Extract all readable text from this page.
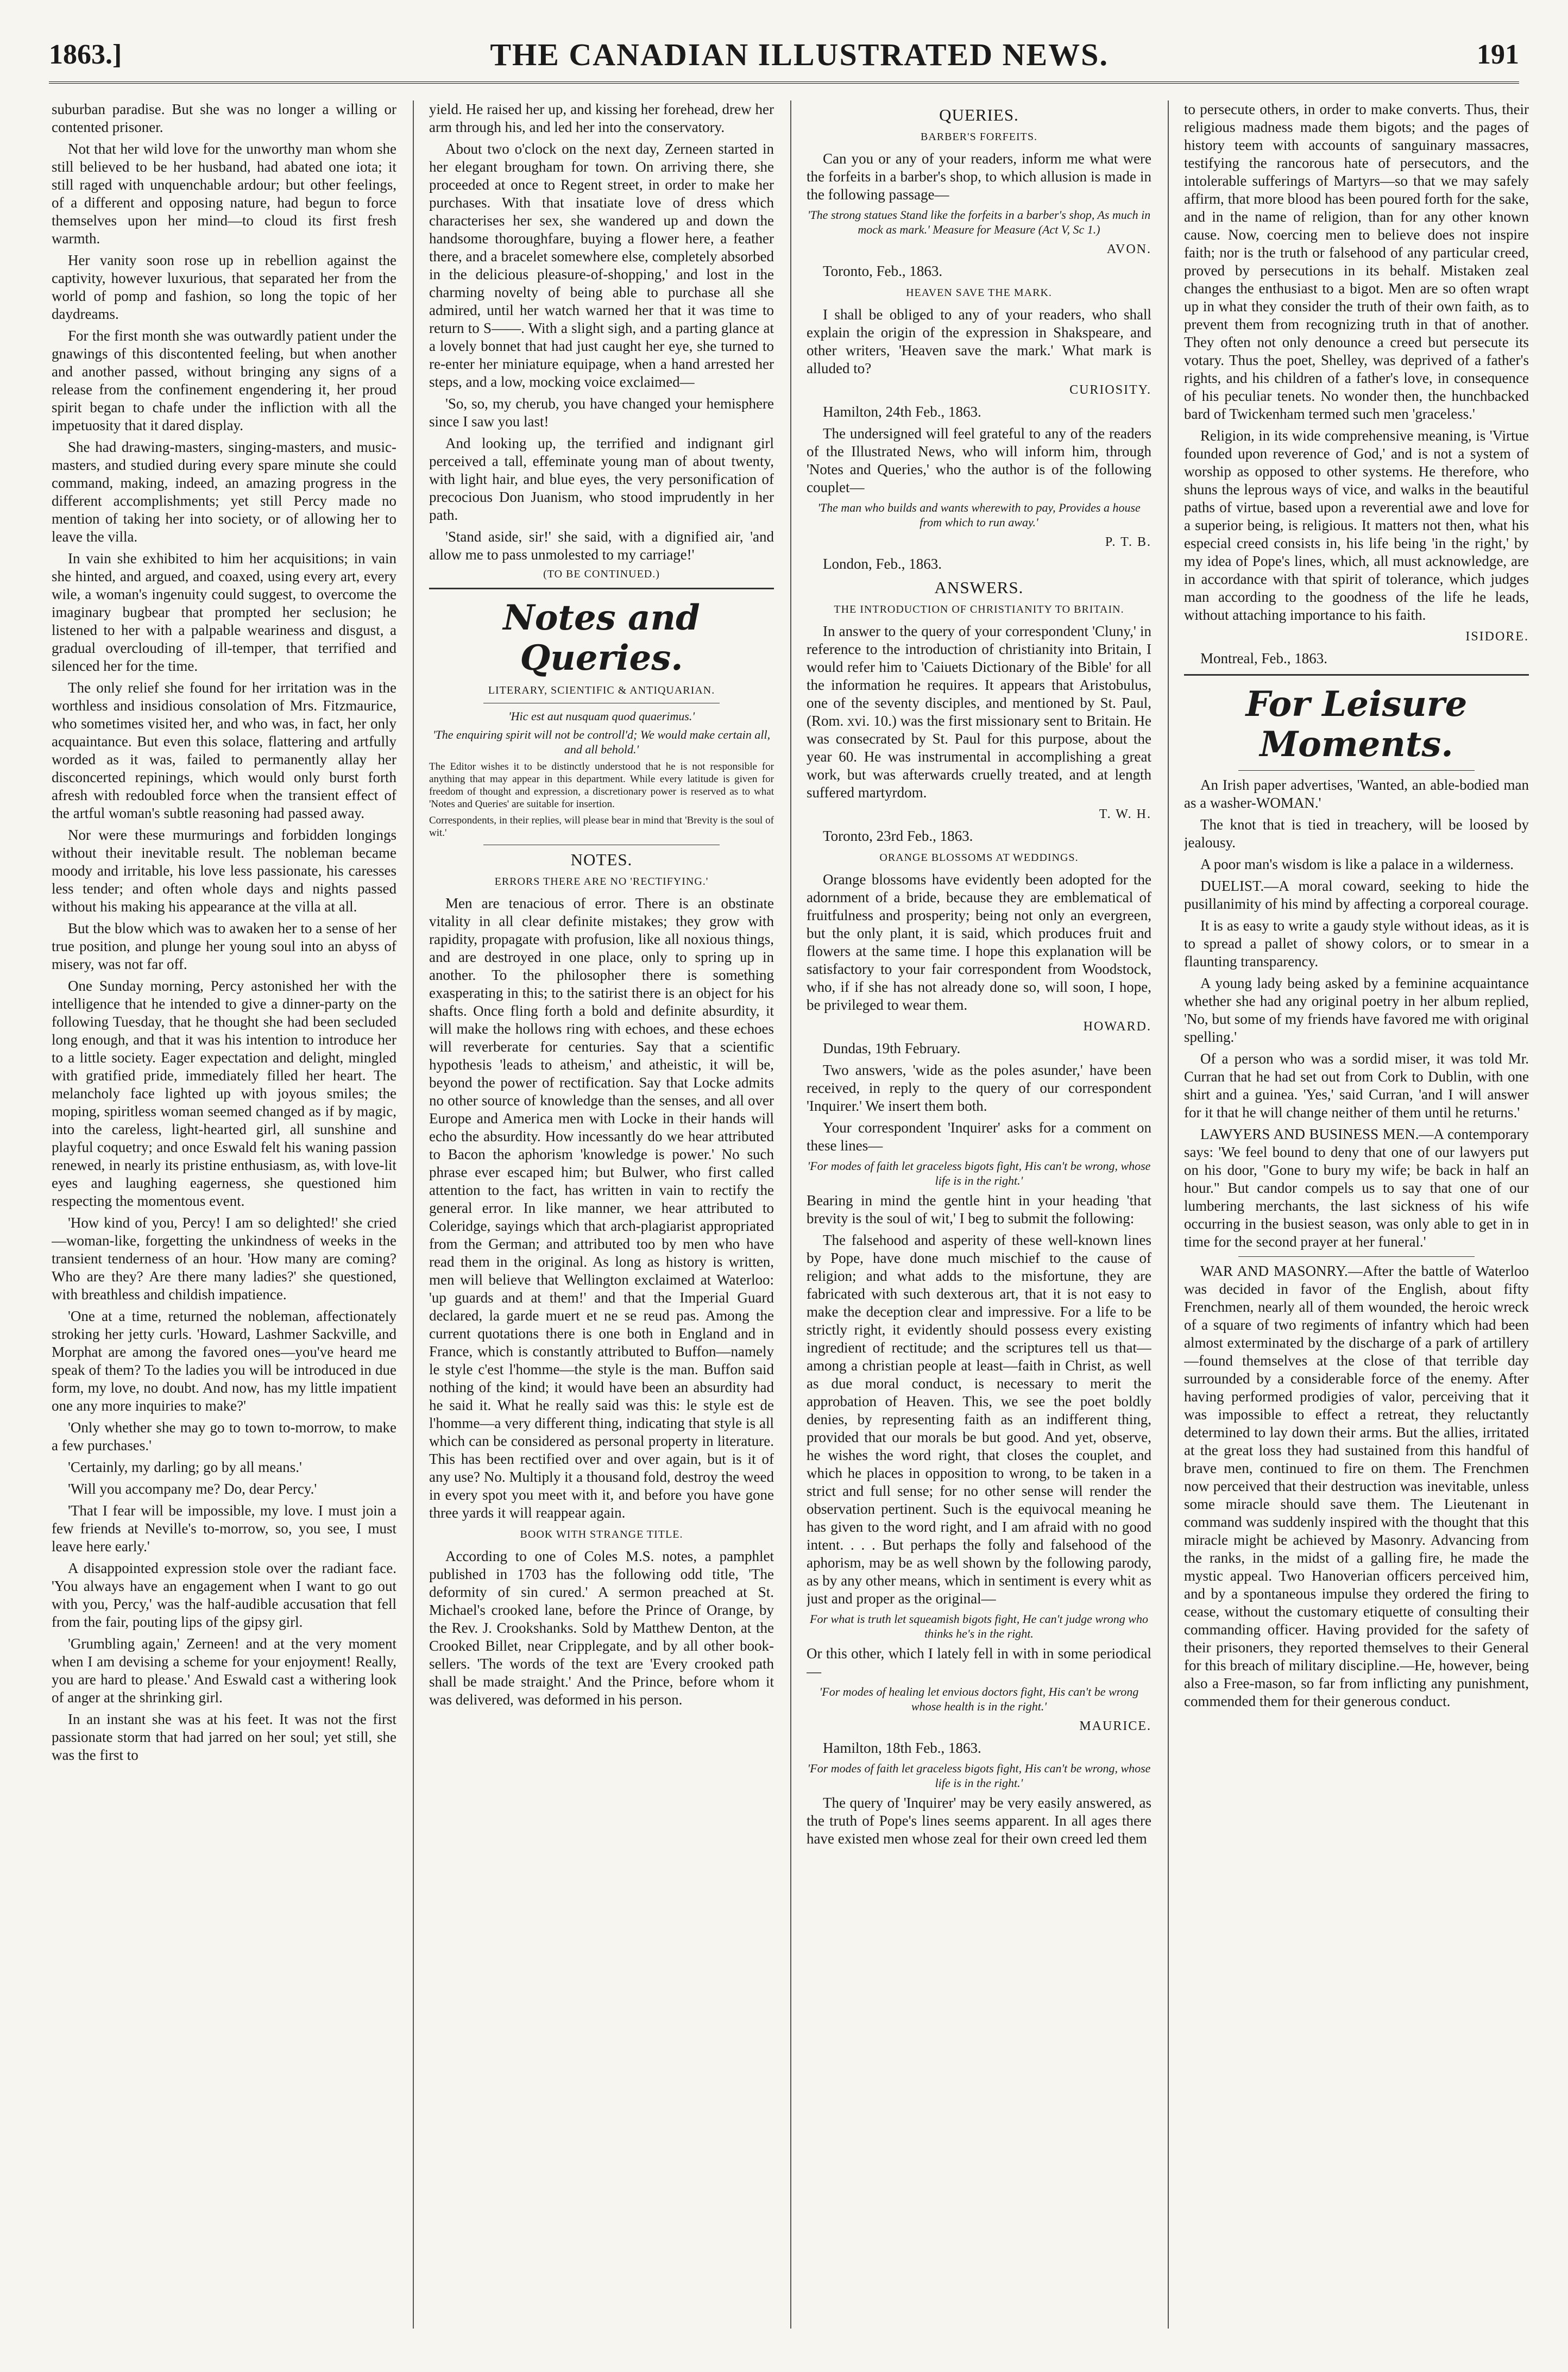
1863.]	THE CANADIAN ILLUSTRATED NEWS.	191

suburban paradise. But she was no longer a willing or contented prisoner.

Not that her wild love for the unworthy man whom she still believed to be her husband, had abated one iota; it still raged with unquenchable ardour; but other feelings, of a different and opposing nature, had begun to force themselves upon her mind—to cloud its first fresh warmth.

Her vanity soon rose up in rebellion against the captivity, however luxurious, that separated her from the world of pomp and fashion, so long the topic of her daydreams.

For the first month she was outwardly patient under the gnawings of this discontented feeling, but when another and another passed, without bringing any signs of a release from the confinement engendering it, her proud spirit began to chafe under the infliction with all the impetuosity that it dared display.

She had drawing-masters, singing-masters, and music-masters, and studied during every spare minute she could command, making, indeed, an amazing progress in the different accomplishments; yet still Percy made no mention of taking her into society, or of allowing her to leave the villa.

In vain she exhibited to him her acquisitions; in vain she hinted, and argued, and coaxed, using every art, every wile, a woman's ingenuity could suggest, to overcome the imaginary bugbear that prompted her seclusion; he listened to her with a palpable weariness and disgust, a gradual overclouding of ill-temper, that terrified and silenced her for the time.

The only relief she found for her irritation was in the worthless and insidious consolation of Mrs. Fitzmaurice, who sometimes visited her, and who was, in fact, her only acquaintance. But even this solace, flattering and artfully worded as it was, failed to permanently allay her disconcerted repinings, which would only burst forth afresh with redoubled force when the transient effect of the artful woman's subtle reasoning had passed away.

Nor were these murmurings and forbidden longings without their inevitable result. The nobleman became moody and irritable, his love less passionate, his caresses less tender; and often whole days and nights passed without his making his appearance at the villa at all.

But the blow which was to awaken her to a sense of her true position, and plunge her young soul into an abyss of misery, was not far off.

One Sunday morning, Percy astonished her with the intelligence that he intended to give a dinner-party on the following Tuesday, that he thought she had been secluded long enough, and that it was his intention to introduce her to a little society. Eager expectation and delight, mingled with gratified pride, immediately filled her heart. The melancholy face lighted up with joyous smiles; the moping, spiritless woman seemed changed as if by magic, into the careless, light-hearted girl, all sunshine and playful coquetry; and once Eswald felt his waning passion renewed, in nearly its pristine enthusiasm, as, with love-lit eyes and laughing eagerness, she questioned him respecting the momentous event.

'How kind of you, Percy! I am so delighted!' she cried—woman-like, forgetting the unkindness of weeks in the transient tenderness of an hour. 'How many are coming? Who are they? Are there many ladies?' she questioned, with breathless and childish impatience.

'One at a time, returned the nobleman, affectionately stroking her jetty curls. 'Howard, Lashmer Sackville, and Morphat are among the favored ones—you've heard me speak of them? To the ladies you will be introduced in due form, my love, no doubt. And now, has my little impatient one any more inquiries to make?'

'Only whether she may go to town to-morrow, to make a few purchases.'

'Certainly, my darling; go by all means.'

'Will you accompany me? Do, dear Percy.'

'That I fear will be impossible, my love. I must join a few friends at Neville's to-morrow, so, you see, I must leave here early.'

A disappointed expression stole over the radiant face. 'You always have an engagement when I want to go out with you, Percy,' was the half-audible accusation that fell from the fair, pouting lips of the gipsy girl.

'Grumbling again,' Zerneen! and at the very moment when I am devising a scheme for your enjoyment! Really, you are hard to please.' And Eswald cast a withering look of anger at the shrinking girl.

In an instant she was at his feet. It was not the first passionate storm that had jarred on her soul; yet still, she was the first to

yield. He raised her up, and kissing her forehead, drew her arm through his, and led her into the conservatory.

About two o'clock on the next day, Zerneen started in her elegant brougham for town. On arriving there, she proceeded at once to Regent street, in order to make her purchases. With that insatiate love of dress which characterises her sex, she wandered up and down the handsome thoroughfare, buying a flower here, a feather there, and a bracelet somewhere else, completely absorbed in the delicious pleasure-of-shopping,' and lost in the charming novelty of being able to purchase all she admired, until her watch warned her that it was time to return to S——. With a slight sigh, and a parting glance at a lovely bonnet that had just caught her eye, she turned to re-enter her miniature equipage, when a hand arrested her steps, and a low, mocking voice exclaimed—

'So, so, my cherub, you have changed your hemisphere since I saw you last!

And looking up, the terrified and indignant girl perceived a tall, effeminate young man of about twenty, with light hair, and blue eyes, the very personification of precocious Don Juanism, who stood imprudently in her path.

'Stand aside, sir!' she said, with a dignified air, 'and allow me to pass unmolested to my carriage!'

(TO BE CONTINUED.)

Notes and Queries.

LITERARY, SCIENTIFIC & ANTIQUARIAN.

'Hic est aut nusquam quod quaerimus.'

'The enquiring spirit will not be controll'd; We would make certain all, and all behold.'

The Editor wishes it to be distinctly understood that he is not responsible for anything that may appear in this department. While every latitude is given for freedom of thought and expression, a discretionary power is reserved as to what 'Notes and Queries' are suitable for insertion.

Correspondents, in their replies, will please bear in mind that 'Brevity is the soul of wit.'

NOTES.

ERRORS THERE ARE NO 'RECTIFYING.'

Men are tenacious of error. There is an obstinate vitality in all clear definite mistakes; they grow with rapidity, propagate with profusion, like all noxious things, and are destroyed in one place, only to spring up in another. To the philosopher there is something exasperating in this; to the satirist there is an object for his shafts. Once fling forth a bold and definite absurdity, it will make the hollows ring with echoes, and these echoes will reverberate for centuries. Say that a scientific hypothesis 'leads to atheism,' and atheistic, it will be, beyond the power of rectification. Say that Locke admits no other source of knowledge than the senses, and all over Europe and America men with Locke in their hands will echo the absurdity. How incessantly do we hear attributed to Bacon the aphorism 'knowledge is power.' No such phrase ever escaped him; but Bulwer, who first called attention to the fact, has written in vain to rectify the general error. In like manner, we hear attributed to Coleridge, sayings which that arch-plagiarist appropriated from the German; and attributed too by men who have read them in the original. As long as history is written, men will believe that Wellington exclaimed at Waterloo: 'up guards and at them!' and that the Imperial Guard declared, la garde muert et ne se reud pas. Among the current quotations there is one both in England and in France, which is constantly attributed to Buffon—namely le style c'est l'homme—the style is the man. Buffon said nothing of the kind; it would have been an absurdity had he said it. What he really said was this: le style est de l'homme—a very different thing, indicating that style is all which can be considered as personal property in literature. This has been rectified over and over again, but is it of any use? No. Multiply it a thousand fold, destroy the weed in every spot you meet with it, and before you have gone three yards it will reappear again.

BOOK WITH STRANGE TITLE.

According to one of Coles M.S. notes, a pamphlet published in 1703 has the following odd title, 'The deformity of sin cured.' A sermon preached at St. Michael's crooked lane, before the Prince of Orange, by the Rev. J. Crookshanks. Sold by Matthew Denton, at the Crooked Billet, near Cripplegate, and by all other book-sellers. 'The words of the text are 'Every crooked path shall be made straight.' And the Prince, before whom it was delivered, was deformed in his person.

QUERIES.

BARBER'S FORFEITS.

Can you or any of your readers, inform me what were the forfeits in a barber's shop, to which allusion is made in the following passage—

'The strong statues Stand like the forfeits in a barber's shop, As much in mock as mark.' Measure for Measure (Act V, Sc 1.)

AVON.

Toronto, Feb., 1863.

HEAVEN SAVE THE MARK.

I shall be obliged to any of your readers, who shall explain the origin of the expression in Shakspeare, and other writers, 'Heaven save the mark.' What mark is alluded to?

CURIOSITY.

Hamilton, 24th Feb., 1863.

The undersigned will feel grateful to any of the readers of the Illustrated News, who will inform him, through 'Notes and Queries,' who the author is of the following couplet—

'The man who builds and wants wherewith to pay, Provides a house from which to run away.'

P. T. B.

London, Feb., 1863.

ANSWERS.

THE INTRODUCTION OF CHRISTIANITY TO BRITAIN.

In answer to the query of your correspondent 'Cluny,' in reference to the introduction of christianity into Britain, I would refer him to 'Caiuets Dictionary of the Bible' for all the information he requires. It appears that Aristobulus, one of the seventy disciples, and mentioned by St. Paul, (Rom. xvi. 10.) was the first missionary sent to Britain. He was consecrated by St. Paul for this purpose, about the year 60. He was instrumental in accomplishing a great work, but was afterwards cruelly treated, and at length suffered martyrdom.

T. W. H.

Toronto, 23rd Feb., 1863.

ORANGE BLOSSOMS AT WEDDINGS.

Orange blossoms have evidently been adopted for the adornment of a bride, because they are emblematical of fruitfulness and prosperity; being not only an evergreen, but the only plant, it is said, which produces fruit and flowers at the same time. I hope this explanation will be satisfactory to your fair correspondent from Woodstock, who, if if she has not already done so, will soon, I hope, be privileged to wear them.

HOWARD.

Dundas, 19th February.

Two answers, 'wide as the poles asunder,' have been received, in reply to the query of our correspondent 'Inquirer.' We insert them both.

Your correspondent 'Inquirer' asks for a comment on these lines—

'For modes of faith let graceless bigots fight, His can't be wrong, whose life is in the right.'

Bearing in mind the gentle hint in your heading 'that brevity is the soul of wit,' I beg to submit the following:

The falsehood and asperity of these well-known lines by Pope, have done much mischief to the cause of religion; and what adds to the misfortune, they are fabricated with such dexterous art, that it is not easy to make the deception clear and impressive. For a life to be strictly right, it evidently should possess every existing ingredient of rectitude; and the scriptures tell us that—among a christian people at least—faith in Christ, as well as due moral conduct, is necessary to merit the approbation of Heaven. This, we see the poet boldly denies, by representing faith as an indifferent thing, provided that our morals be but good. And yet, observe, he wishes the word right, that closes the couplet, and which he places in opposition to wrong, to be taken in a strict and full sense; for no other sense will render the observation pertinent. Such is the equivocal meaning he has given to the word right, and I am afraid with no good intent. . . . But perhaps the folly and falsehood of the aphorism, may be as well shown by the following parody, as by any other means, which in sentiment is every whit as just and proper as the original—

For what is truth let squeamish bigots fight, He can't judge wrong who thinks he's in the right.

Or this other, which I lately fell in with in some periodical—

'For modes of healing let envious doctors fight, His can't be wrong whose health is in the right.'

MAURICE.

Hamilton, 18th Feb., 1863.

'For modes of faith let graceless bigots fight, His can't be wrong, whose life is in the right.'

The query of 'Inquirer' may be very easily answered, as the truth of Pope's lines seems apparent. In all ages there have existed men whose zeal for their own creed led them

to persecute others, in order to make converts. Thus, their religious madness made them bigots; and the pages of history teem with accounts of sanguinary massacres, testifying the rancorous hate of persecutors, and the intolerable sufferings of Martyrs—so that we may safely affirm, that more blood has been poured forth for the sake, and in the name of religion, than for any other known cause. Now, coercing men to believe does not inspire faith; nor is the truth or falsehood of any particular creed, proved by persecutions in its behalf. Mistaken zeal changes the enthusiast to a bigot. Men are so often wrapt up in what they consider the truth of their own faith, as to prevent them from recognizing truth in that of another. They often not only denounce a creed but persecute its votary. Thus the poet, Shelley, was deprived of a father's rights, and his children of a father's love, in consequence of his peculiar tenets. No wonder then, the hunchbacked bard of Twickenham termed such men 'graceless.'

Religion, in its wide comprehensive meaning, is 'Virtue founded upon reverence of God,' and is not a system of worship as opposed to other systems. He therefore, who shuns the leprous ways of vice, and walks in the beautiful paths of virtue, based upon a reverential awe and love for a superior being, is religious. It matters not then, what his especial creed consists in, his life being 'in the right,' by my idea of Pope's lines, which, all must acknowledge, are in accordance with that spirit of tolerance, which judges man according to the goodness of the life he leads, without attaching importance to his faith.

ISIDORE.

Montreal, Feb., 1863.

For Leisure Moments.

An Irish paper advertises, 'Wanted, an able-bodied man as a washer-WOMAN.'

The knot that is tied in treachery, will be loosed by jealousy.

A poor man's wisdom is like a palace in a wilderness.

DUELIST.—A moral coward, seeking to hide the pusillanimity of his mind by affecting a corporeal courage.

It is as easy to write a gaudy style without ideas, as it is to spread a pallet of showy colors, or to smear in a flaunting transparency.

A young lady being asked by a feminine acquaintance whether she had any original poetry in her album replied, 'No, but some of my friends have favored me with original spelling.'

Of a person who was a sordid miser, it was told Mr. Curran that he had set out from Cork to Dublin, with one shirt and a guinea. 'Yes,' said Curran, 'and I will answer for it that he will change neither of them until he returns.'

LAWYERS AND BUSINESS MEN.—A contemporary says: 'We feel bound to deny that one of our lawyers put on his door, "Gone to bury my wife; be back in half an hour." But candor compels us to say that one of our lumbering merchants, the last sickness of his wife occurring in the busiest season, was only able to get in in time for the second prayer at her funeral.'

WAR AND MASONRY.—After the battle of Waterloo was decided in favor of the English, about fifty Frenchmen, nearly all of them wounded, the heroic wreck of a square of two regiments of infantry which had been almost exterminated by the discharge of a park of artillery—found themselves at the close of that terrible day surrounded by a considerable force of the enemy. After having performed prodigies of valor, perceiving that it was impossible to effect a retreat, they reluctantly determined to lay down their arms. But the allies, irritated at the great loss they had sustained from this handful of brave men, continued to fire on them. The Frenchmen now perceived that their destruction was inevitable, unless some miracle should save them. The Lieutenant in command was suddenly inspired with the thought that this miracle might be achieved by Masonry. Advancing from the ranks, in the midst of a galling fire, he made the mystic appeal. Two Hanoverian officers perceived him, and by a spontaneous impulse they ordered the firing to cease, without the customary etiquette of consulting their commanding officer. Having provided for the safety of their prisoners, they reported themselves to their General for this breach of military discipline.—He, however, being also a Free-mason, so far from inflicting any punishment, commended them for their generous conduct.
